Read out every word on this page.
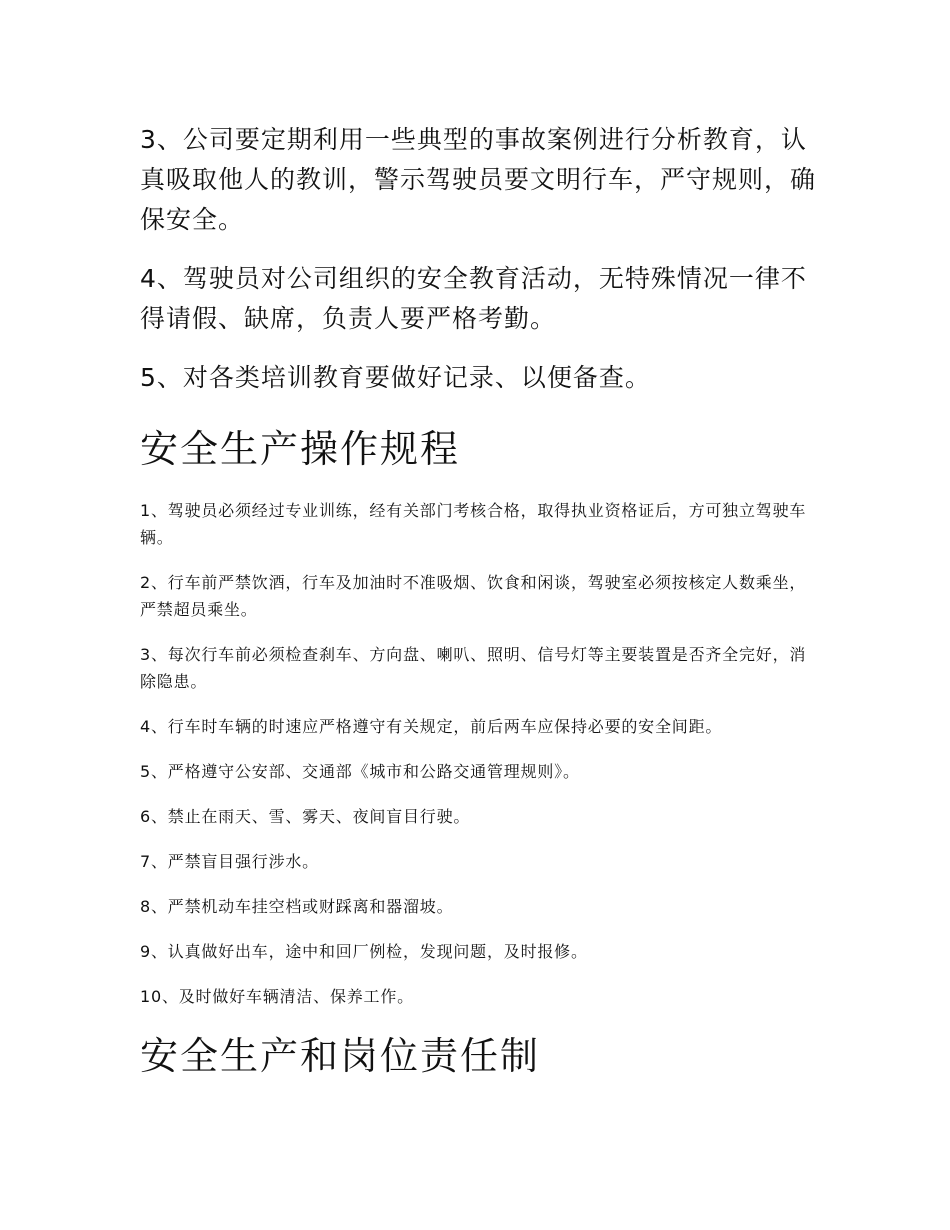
3、公司要定期利用一些典型的事故案例进行分析教育，认真吸取他人的教训，警示驾驶员要文明行车，严守规则，确保安全。

4、驾驶员对公司组织的安全教育活动，无特殊情况一律不得请假、缺席，负责人要严格考勤。

5、对各类培训教育要做好记录、以便备查。

安全生产操作规程

1、驾驶员必须经过专业训练，经有关部门考核合格，取得执业资格证后，方可独立驾驶车辆。

2、行车前严禁饮酒，行车及加油时不准吸烟、饮食和闲谈，驾驶室必须按核定人数乘坐，严禁超员乘坐。

3、每次行车前必须检查刹车、方向盘、喇叭、照明、信号灯等主要装置是否齐全完好，消除隐患。

4、行车时车辆的时速应严格遵守有关规定，前后两车应保持必要的安全间距。

5、严格遵守公安部、交通部《城市和公路交通管理规则》。

6、禁止在雨天、雪、雾天、夜间盲目行驶。

7、严禁盲目强行涉水。

8、严禁机动车挂空档或财踩离和器溜坡。

9、认真做好出车，途中和回厂例检，发现问题，及时报修。

10、及时做好车辆清洁、保养工作。

安全生产和岗位责任制
